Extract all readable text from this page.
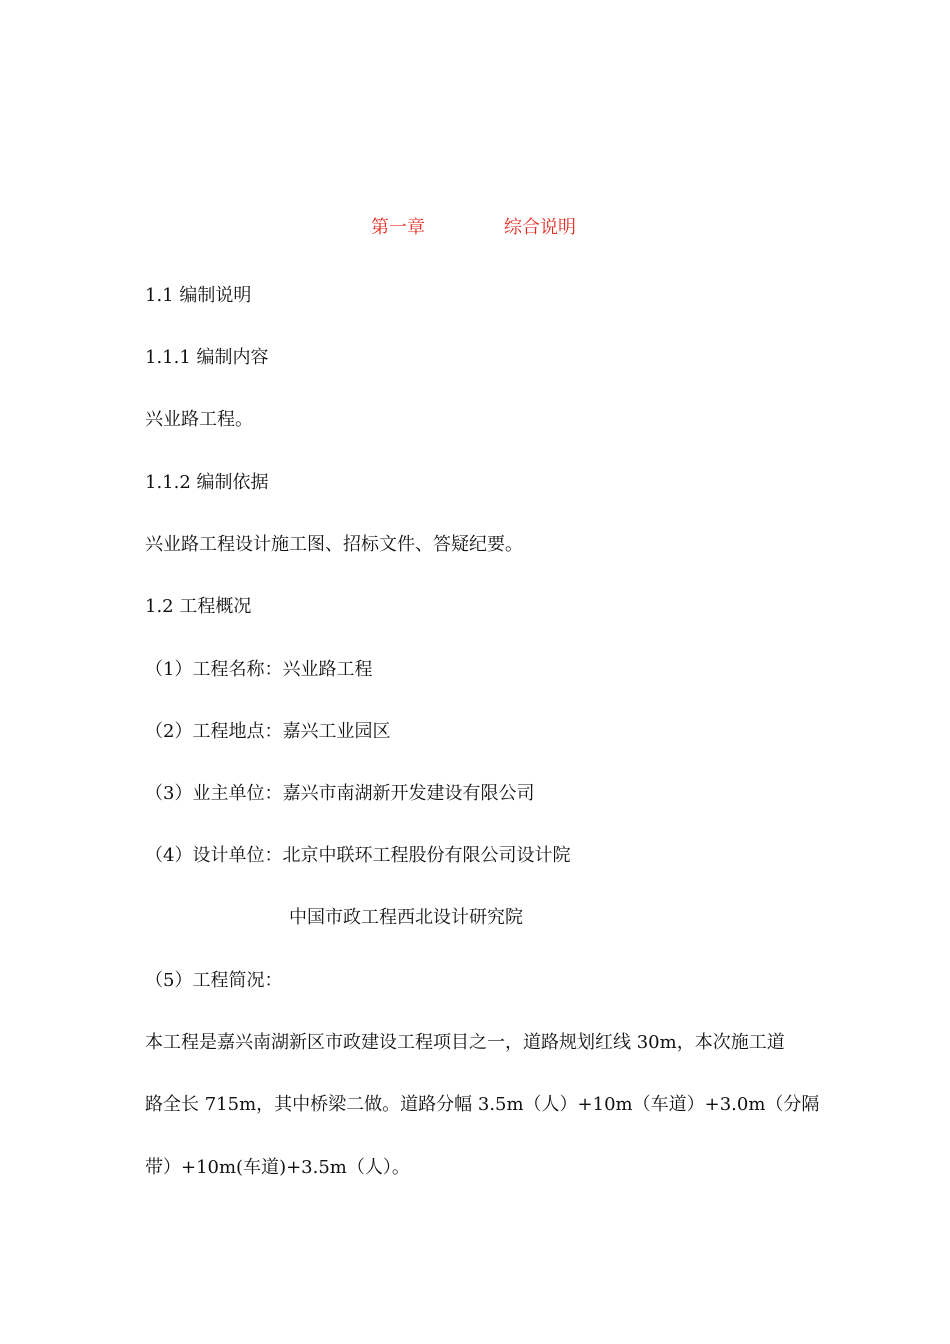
第一章	综合说明
1.1 编制说明
1.1.1 编制内容
兴业路工程。
1.1.2 编制依据
兴业路工程设计施工图、招标文件、答疑纪要。
1.2 工程概况
（1）工程名称：兴业路工程
（2）工程地点：嘉兴工业园区
（3）业主单位：嘉兴市南湖新开发建设有限公司
（4）设计单位：北京中联环工程股份有限公司设计院
中国市政工程西北设计研究院
（5）工程简况：
本工程是嘉兴南湖新区市政建设工程项目之一，道路规划红线 30m，本次施工道
路全长 715m，其中桥梁二做。道路分幅 3.5m（人）+10m（车道）+3.0m（分隔
带）+10m(车道)+3.5m（人）。
